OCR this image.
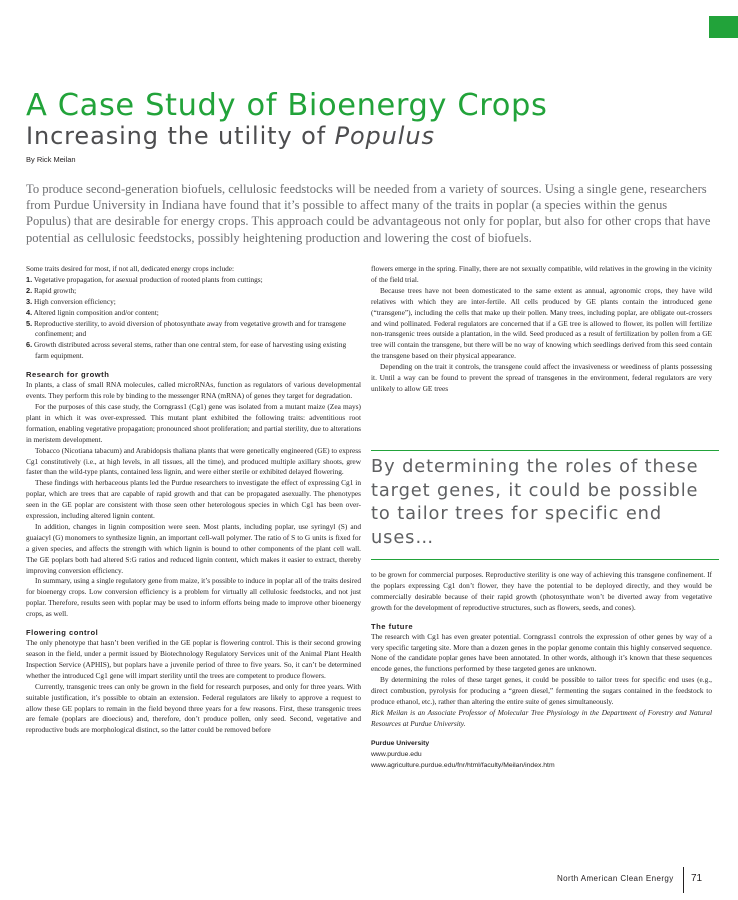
A Case Study of Bioenergy Crops
Increasing the utility of Populus
By Rick Meilan

To produce second-generation biofuels, cellulosic feedstocks will be needed from a variety of sources. Using a single gene, researchers from Purdue University in Indiana have found that it’s possible to affect many of the traits in poplar (a species within the genus Populus) that are desirable for energy crops. This approach could be advantageous not only for poplar, but also for other crops that have potential as cellulosic feedstocks, possibly heightening production and lowering the cost of biofuels.

Some traits desired for most, if not all, dedicated energy crops include:

1. Vegetative propagation, for asexual production of rooted plants from cuttings;
2. Rapid growth;
3. High conversion efficiency;
4. Altered lignin composition and/or content;
5. Reproductive sterility, to avoid diversion of photosynthate away from vegetative growth and for transgene confinement; and
6. Growth distributed across several stems, rather than one central stem, for ease of harvesting using existing farm equipment.
Research for growth

In plants, a class of small RNA molecules, called microRNAs, function as regulators of various developmental events. They perform this role by binding to the messenger RNA (mRNA) of genes they target for degradation.

For the purposes of this case study, the Corngrass1 (Cg1) gene was isolated from a mutant maize (Zea mays) plant in which it was over-expressed. This mutant plant exhibited the following traits: adventitious root formation, enabling vegetative propagation; pronounced shoot proliferation; and partial sterility, due to alterations in meristem development.

Tobacco (Nicotiana tabacum) and Arabidopsis thaliana plants that were genetically engineered (GE) to express Cg1 constitutively (i.e., at high levels, in all tissues, all the time), and produced multiple axillary shoots, grew faster than the wild-type plants, contained less lignin, and were either sterile or exhibited delayed flowering.

These findings with herbaceous plants led the Purdue researchers to investigate the effect of expressing Cg1 in poplar, which are trees that are capable of rapid growth and that can be propagated asexually. The phenotypes seen in the GE poplar are consistent with those seen other heterologous species in which Cg1 has been over-expression, including altered lignin content.

In addition, changes in lignin composition were seen. Most plants, including poplar, use syringyl (S) and guaiacyl (G) monomers to synthesize lignin, an important cell-wall polymer. The ratio of S to G units is fixed for a given species, and affects the strength with which lignin is bound to other components of the plant cell wall. The GE poplars both had altered S:G ratios and reduced lignin content, which makes it easier to extract, thereby improving conversion efficiency.

In summary, using a single regulatory gene from maize, it’s possible to induce in poplar all of the traits desired for bioenergy crops. Low conversion efficiency is a problem for virtually all cellulosic feedstocks, and not just poplar. Therefore, results seen with poplar may be used to inform efforts being made to improve other bioenergy crops, as well.

Flowering control

The only phenotype that hasn’t been verified in the GE poplar is flowering control. This is their second growing season in the field, under a permit issued by Biotechnology Regulatory Services unit of the Animal Plant Health Inspection Service (APHIS), but poplars have a juvenile period of three to five years. So, it can’t be determined whether the introduced Cg1 gene will impart sterility until the trees are competent to produce flowers.

Currently, transgenic trees can only be grown in the field for research purposes, and only for three years. With suitable justification, it’s possible to obtain an extension. Federal regulators are likely to approve a request to allow these GE poplars to remain in the field beyond three years for a few reasons. First, these transgenic trees are female (poplars are dioecious) and, therefore, don’t produce pollen, only seed. Second, vegetative and reproductive buds are morphological distinct, so the latter could be removed before

flowers emerge in the spring. Finally, there are not sexually compatible, wild relatives in the growing in the vicinity of the field trial.

Because trees have not been domesticated to the same extent as annual, agronomic crops, they have wild relatives with which they are inter-fertile. All cells produced by GE plants contain the introduced gene (“transgene”), including the cells that make up their pollen. Many trees, including poplar, are obligate out-crossers and wind pollinated. Federal regulators are concerned that if a GE tree is allowed to flower, its pollen will fertilize non-transgenic trees outside a plantation, in the wild. Seed produced as a result of fertilization by pollen from a GE tree will contain the transgene, but there will be no way of knowing which seedlings derived from this seed contain the transgene based on their physical appearance.

Depending on the trait it controls, the transgene could affect the invasiveness or weediness of plants possessing it. Until a way can be found to prevent the spread of transgenes in the environment, federal regulators are very unlikely to allow GE trees

By determining the roles of these target genes, it could be possible to tailor trees for specific end uses…

to be grown for commercial purposes. Reproductive sterility is one way of achieving this transgene confinement. If the poplars expressing Cg1 don’t flower, they have the potential to be deployed directly, and they would be commercially desirable because of their rapid growth (photosynthate won’t be diverted away from vegetative growth for the development of reproductive structures, such as flowers, seeds, and cones).

The future

The research with Cg1 has even greater potential. Corngrass1 controls the expression of other genes by way of a very specific targeting site. More than a dozen genes in the poplar genome contain this highly conserved sequence. None of the candidate poplar genes have been annotated. In other words, although it’s known that these sequences encode genes, the functions performed by these targeted genes are unknown.

By determining the roles of these target genes, it could be possible to tailor trees for specific end uses (e.g., direct combustion, pyrolysis for producing a “green diesel,” fermenting the sugars contained in the feedstock to produce ethanol, etc.), rather than altering the entire suite of genes simultaneously.

Rick Meilan is an Associate Professor of Molecular Tree Physiology in the Department of Forestry and Natural Resources at Purdue University.

Purdue University
www.purdue.edu
www.agriculture.purdue.edu/fnr/html/faculty/Meilan/index.htm
North American Clean Energy 71
